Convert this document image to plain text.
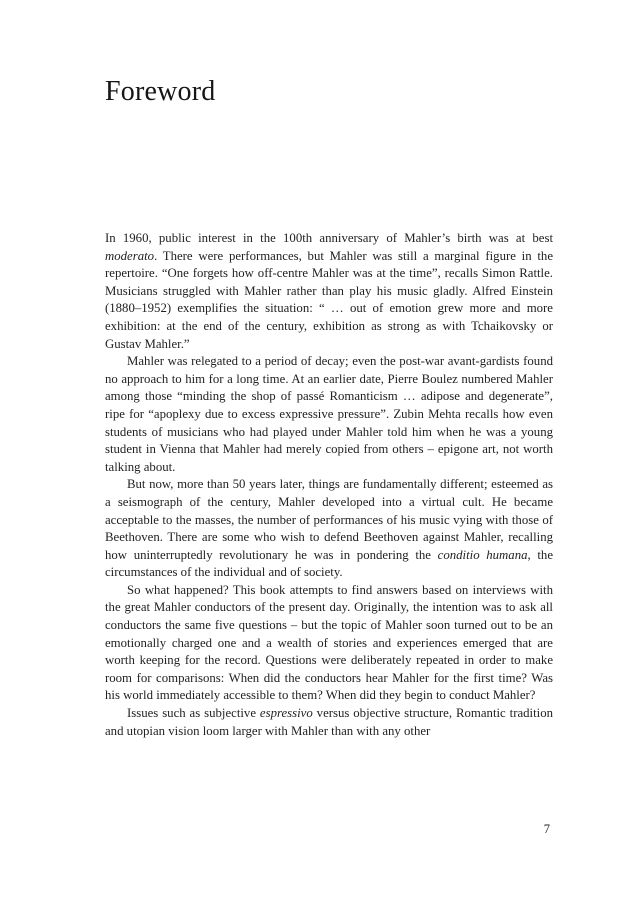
Foreword

In 1960, public interest in the 100th anniversary of Mahler’s birth was at best moderato. There were performances, but Mahler was still a marginal figure in the repertoire. “One forgets how off-centre Mahler was at the time”, recalls Simon Rattle. Musicians struggled with Mahler rather than play his music gladly. Alfred Einstein (1880–1952) exemplifies the situation: “ … out of emotion grew more and more exhibition: at the end of the century, exhibition as strong as with Tchaikovsky or Gustav Mahler.”

Mahler was relegated to a period of decay; even the post-war avant-gardists found no approach to him for a long time. At an earlier date, Pierre Boulez numbered Mahler among those “minding the shop of passé Romanticism … adipose and degenerate”, ripe for “apoplexy due to excess expressive pressure”. Zubin Mehta recalls how even students of musicians who had played under Mahler told him when he was a young student in Vienna that Mahler had merely copied from others – epigone art, not worth talking about.

But now, more than 50 years later, things are fundamentally different; esteemed as a seismograph of the century, Mahler developed into a virtual cult. He became acceptable to the masses, the number of performances of his music vying with those of Beethoven. There are some who wish to defend Beethoven against Mahler, recalling how uninterruptedly revolutionary he was in pondering the conditio humana, the circumstances of the individual and of society.

So what happened? This book attempts to find answers based on interviews with the great Mahler conductors of the present day. Originally, the intention was to ask all conductors the same five questions – but the topic of Mahler soon turned out to be an emotionally charged one and a wealth of stories and experiences emerged that are worth keeping for the record. Questions were deliberately repeated in order to make room for comparisons: When did the conductors hear Mahler for the first time? Was his world immediately accessible to them? When did they begin to conduct Mahler?

Issues such as subjective espressivo versus objective structure, Romantic tradition and utopian vision loom larger with Mahler than with any other

7
